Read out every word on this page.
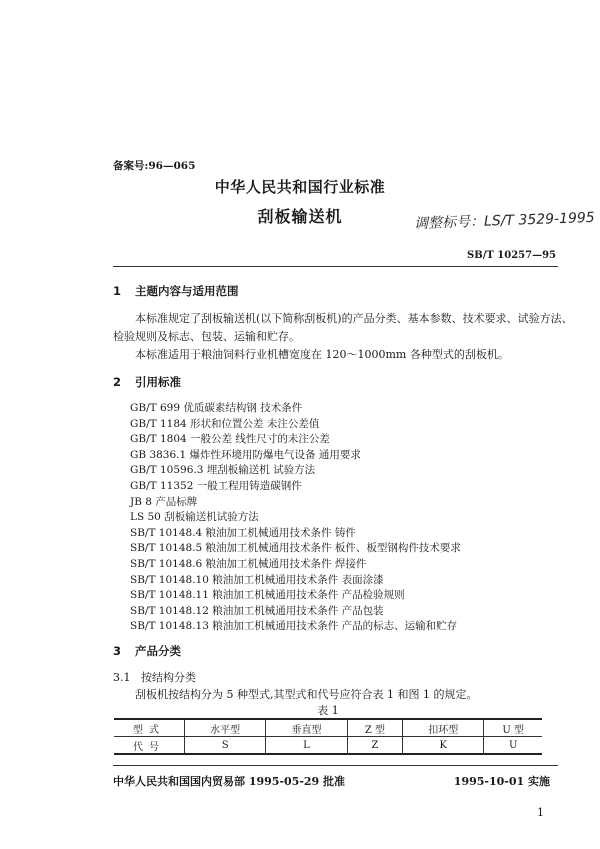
备案号:96—065
中华人民共和国行业标准
刮板输送机	调整标号：LS/T 3529-1995
SB/T 10257—95
1 主题内容与适用范围
本标准规定了刮板输送机(以下简称刮板机)的产品分类、基本参数、技术要求、试验方法、
检验规则及标志、包装、运输和贮存。
本标准适用于粮油饲料行业机槽宽度在 120～1000mm 各种型式的刮板机。
2 引用标准
GB/T 699 优质碳素结构钢 技术条件
GB/T 1184 形状和位置公差 未注公差值
GB/T 1804 一般公差 线性尺寸的未注公差
GB 3836.1 爆炸性环境用防爆电气设备 通用要求
GB/T 10596.3 埋刮板输送机 试验方法
GB/T 11352 一般工程用铸造碳钢件
JB 8 产品标牌
LS 50 刮板输送机试验方法
SB/T 10148.4 粮油加工机械通用技术条件 铸件
SB/T 10148.5 粮油加工机械通用技术条件 板件、板型钢构件技术要求
SB/T 10148.6 粮油加工机械通用技术条件 焊接件
SB/T 10148.10 粮油加工机械通用技术条件 表面涂漆
SB/T 10148.11 粮油加工机械通用技术条件 产品检验规则
SB/T 10148.12 粮油加工机械通用技术条件 产品包装
SB/T 10148.13 粮油加工机械通用技术条件 产品的标志、运输和贮存
3 产品分类
3.1 按结构分类
刮板机按结构分为 5 种型式,其型式和代号应符合表 1 和图 1 的规定。
表 1
型式	水平型	垂直型	Z 型	扣环型	U 型
代号	S	L	Z	K	U
中华人民共和国国内贸易部 1995-05-29 批准	1995-10-01 实施
1
